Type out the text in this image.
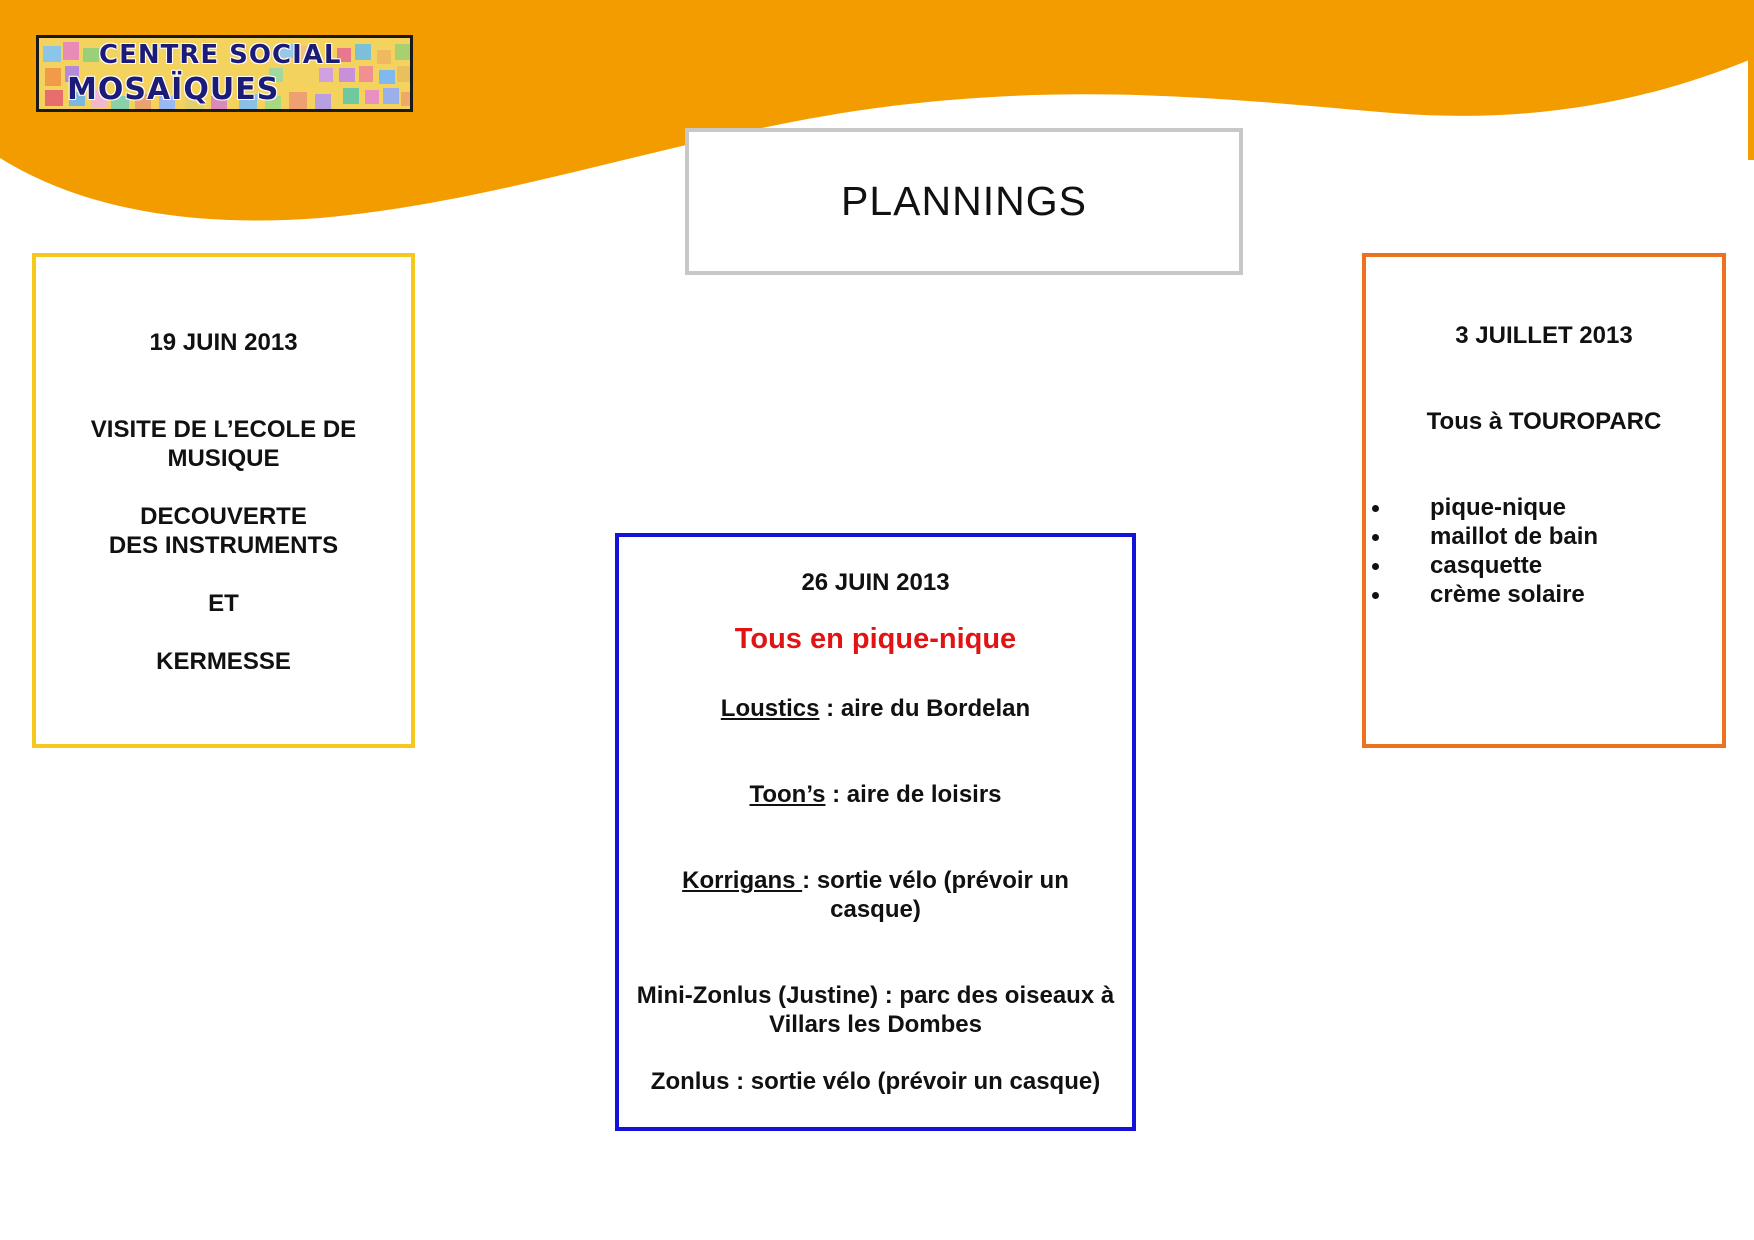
CENTRE SOCIAL
MOSAÏQUES
PLANNINGS
19 JUIN 2013
VISITE DE L’ECOLE DE
MUSIQUE
DECOUVERTE
DES INSTRUMENTS
ET
KERMESSE
26 JUIN 2013
Tous en pique-nique
Loustics : aire du Bordelan
Toon’s : aire de loisirs
Korrigans : sortie vélo (prévoir un
casque)
Mini-Zonlus (Justine) : parc des oiseaux à
Villars les Dombes
Zonlus : sortie vélo (prévoir un casque)
3 JUILLET 2013
Tous à TOUROPARC
pique-nique
maillot de bain
casquette
crème solaire
